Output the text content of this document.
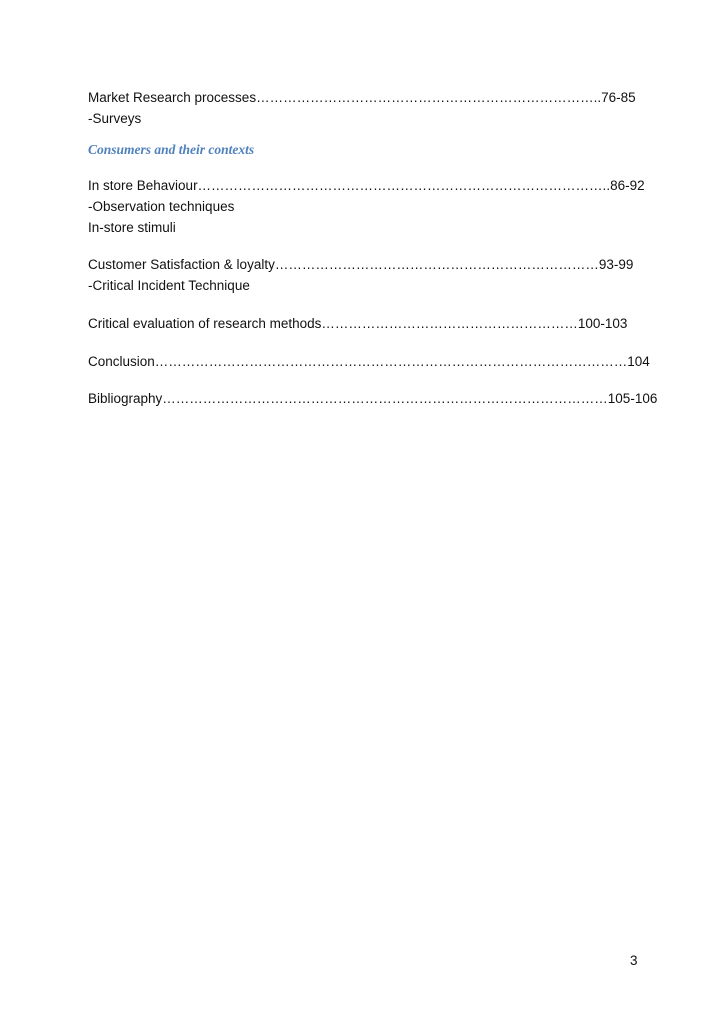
Market Research processes…………………………………………………………………..76-85
-Surveys
Consumers and their contexts
In store Behaviour………………………………………………………………………………..86-92
-Observation techniques
In-store stimuli
Customer Satisfaction & loyalty………………………………………………………………93-99
-Critical Incident Technique
Critical evaluation of research methods…………………………………………………100-103
Conclusion……………………………………………………………………………………………104
Bibliography………………………………………………………………………………………105-106
3
